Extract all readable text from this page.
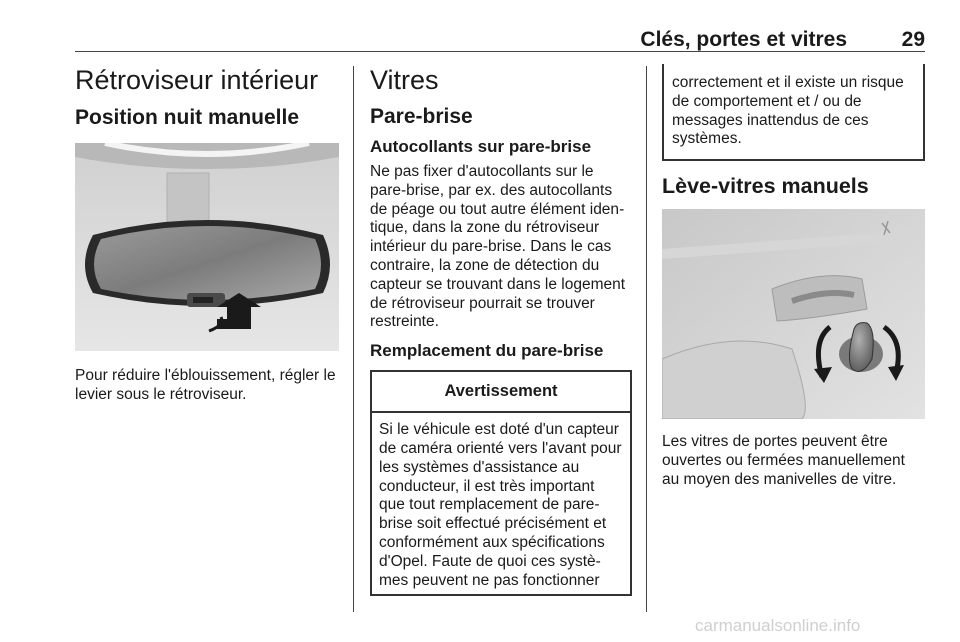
Clés, portes et vitres	29
Rétroviseur intérieur
Position nuit manuelle

Pour réduire l'éblouissement, régler le levier sous le rétroviseur.

Vitres
Pare-brise
Autocollants sur pare-brise

Ne pas fixer d'autocollants sur le pare-brise, par ex. des autocollants de péage ou tout autre élément identique, dans la zone du rétroviseur intérieur du pare-brise. Dans le cas contraire, la zone de détection du capteur se trouvant dans le logement de rétroviseur pourrait se trouver restreinte.

Remplacement du pare-brise
Avertissement

Si le véhicule est doté d'un capteur de caméra orienté vers l'avant pour les systèmes d'assistance au conducteur, il est très important que tout remplacement de pare-brise soit effectué précisément et conformément aux spécifications d'Opel. Faute de quoi ces systèmes peuvent ne pas fonctionner

correctement et il existe un risque de comportement et / ou de messages inattendus de ces systèmes.

Lève-vitres manuels

Les vitres de portes peuvent être ouvertes ou fermées manuellement au moyen des manivelles de vitre.

carmanualsonline.info
